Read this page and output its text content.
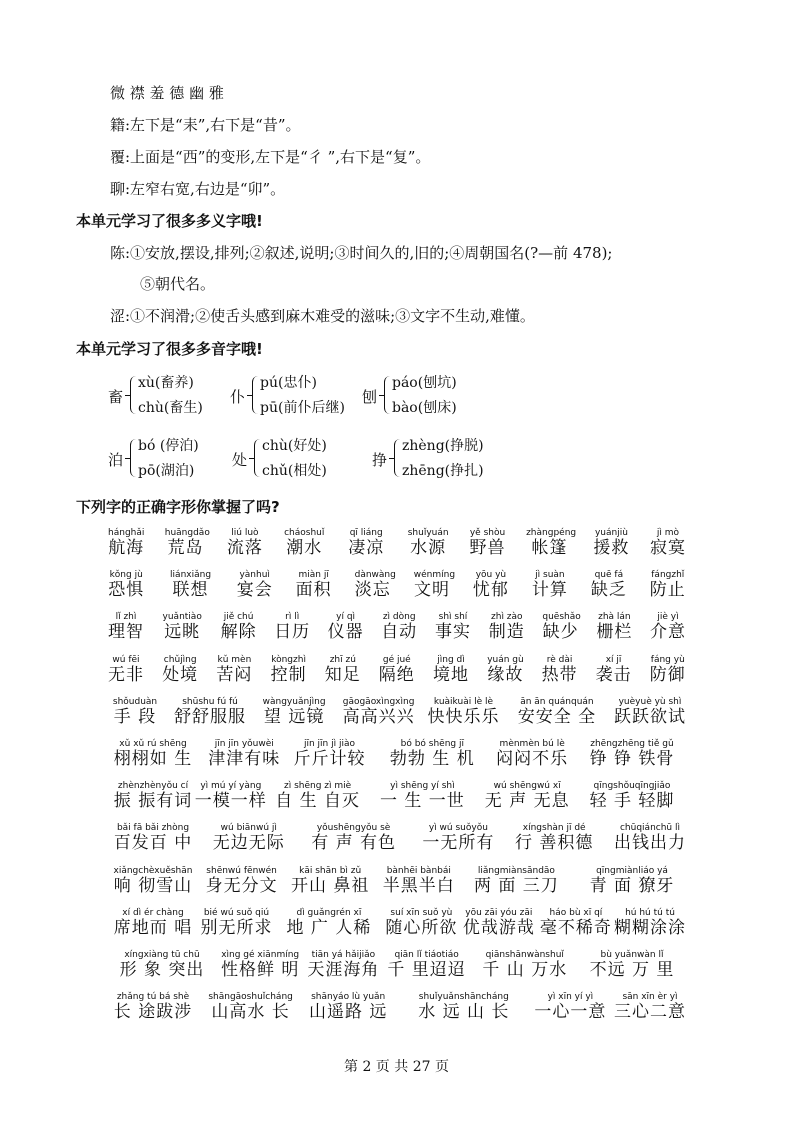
微 襟 羞 德 幽 雅
籍:左下是“耒”,右下是“昔”。
覆:上面是“西”的变形,左下是“彳 ”,右下是“复”。
聊:左窄右宽,右边是“卯”。
本单元学习了很多多义字哦!
陈:①安放,摆设,排列;②叙述,说明;③时间久的,旧的;④周朝国名(?—前 478);
⑤朝代名。
涩:①不润滑;②使舌头感到麻木难受的滋味;③文字不生动,难懂。
本单元学习了很多多音字哦!
畜
xù(畜养)
chù(畜生)
仆
pú(忠仆)
pū(前仆后继)
刨
páo(刨坑)
bào(刨床)
泊
bó (停泊)
pō(湖泊)
处
chù(好处)
chǔ(相处)
挣
zhèng(挣脱)
zhēng(挣扎)
下列字的正确字形你掌握了吗?
hánghǎi
航海
huāngdǎo
荒岛
liú luò
流落
cháoshuǐ
潮水
qī liáng
凄凉
shuǐyuán
水源
yě shòu
野兽
zhàngpéng
帐篷
yuánjiù
援救
jì mò
寂寞
kǒng jù
恐惧
liánxiǎng
联想
yànhuì
宴会
miàn jī
面积
dànwàng
淡忘
wénmíng
文明
yōu yù
忧郁
jì suàn
计算
quē fá
缺乏
fángzhǐ
防止
lǐ zhì
理智
yuǎntiào
远眺
jiě chú
解除
rì lì
日历
yí qì
仪器
zì dòng
自动
shì shí
事实
zhì zào
制造
quēshǎo
缺少
zhà lán
栅栏
jiè yì
介意
wú fēi
无非
chǔjìng
处境
kǔ mèn
苦闷
kòngzhì
控制
zhī zú
知足
gé jué
隔绝
jìng dì
境地
yuán gù
缘故
rè dài
热带
xí jī
袭击
fáng yù
防御
shǒuduàn
手 段
shūshu fú fú
舒舒服服
wàngyuǎnjìng
望 远镜
gāogāoxìngxìng
高高兴兴
kuàikuài lè lè
快快乐乐
ān ān quánquán
安安全 全
yuèyuè yù shì
跃跃欲试
xǔ xǔ rú shēng
栩栩如 生
jīn jīn yǒuwèi
津津有味
jīn jīn jì jiào
斤斤计较
bó bó shēng jī
勃勃 生 机
mènmèn bú lè
闷闷不乐
zhēngzhēng tiě gǔ
铮 铮 铁骨
zhènzhènyǒu cí
振 振有词
yì mú yí yàng
一模一样
zì shēng zì miè
自 生 自灭
yì shēng yí shì
一 生 一世
wú shēngwú xī
无 声 无息
qīngshǒuqīngjiǎo
轻 手 轻脚
bǎi fā bǎi zhòng
百发百 中
wú biānwú jì
无边无际
yǒushēngyǒu sè
有 声 有色
yì wú suǒyǒu
一无所有
xíngshàn jī dé
行 善积德
chūqiánchū lì
出钱出力
xiǎngchèxuěshān
响 彻雪山
shēnwú fēnwén
身无分文
kāi shān bì zǔ
开山 鼻祖
bànhēi bànbái
半黑半白
liǎngmiànsāndāo
两 面 三刀
qīngmiànliáo yá
青 面 獠牙
xí dì ér chàng
席地而 唱
bié wú suǒ qiú
别无所求
dì guǎngrén xī
地 广 人稀
suí xīn suǒ yù
随心所欲
yōu zāi yóu zāi
优哉游哉
háo bù xī qí
毫不稀奇
hú hú tú tú
糊糊涂涂
xíngxiàng tū chū
形 象 突出
xìng gé xiānmíng
性格鲜 明
tiān yá hǎijiǎo
天涯海角
qiān lǐ tiáotiáo
千 里迢迢
qiānshānwànshuǐ
千 山 万水
bù yuǎnwàn lǐ
不远 万 里
zhǎng tú bá shè
长 途跋涉
shāngāoshuǐcháng
山高水 长
shānyáo lù yuǎn
山遥路 远
shuǐyuǎnshāncháng
水 远 山 长
yì xīn yí yì
一心一意
sān xīn èr yì
三心二意
第 2 页 共 27 页
